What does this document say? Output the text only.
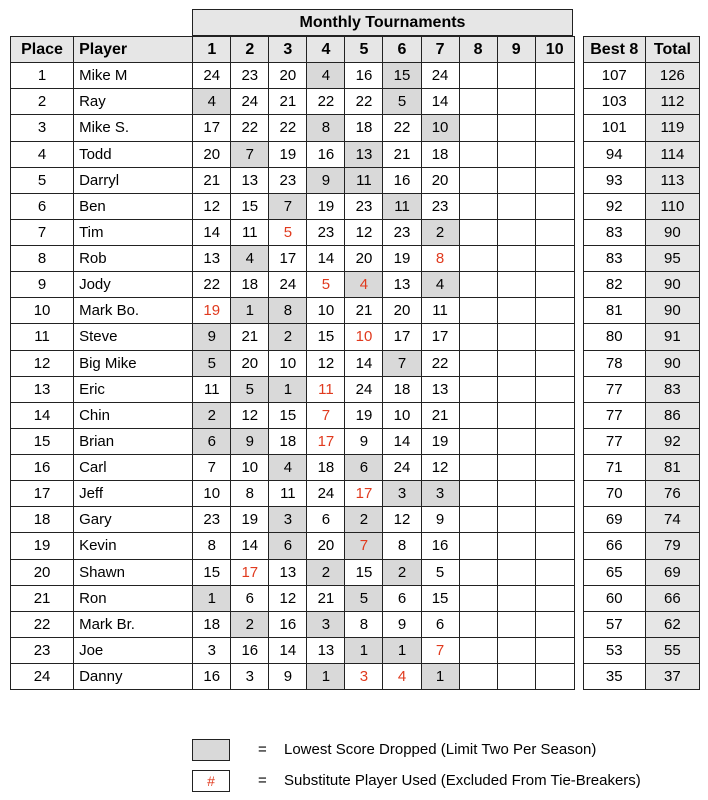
Monthly Tournaments
Place	Player	1	2	3	4	5	6	7	8	9	10		Best 8	Total
1	Mike M	24	23	20	4	16	15	24					107	126
2	Ray	4	24	21	22	22	5	14					103	112
3	Mike S.	17	22	22	8	18	22	10					101	119
4	Todd	20	7	19	16	13	21	18					94	114
5	Darryl	21	13	23	9	11	16	20					93	113
6	Ben	12	15	7	19	23	11	23					92	110
7	Tim	14	11	5	23	12	23	2					83	90
8	Rob	13	4	17	14	20	19	8					83	95
9	Jody	22	18	24	5	4	13	4					82	90
10	Mark Bo.	19	1	8	10	21	20	11					81	90
11	Steve	9	21	2	15	10	17	17					80	91
12	Big Mike	5	20	10	12	14	7	22					78	90
13	Eric	11	5	1	11	24	18	13					77	83
14	Chin	2	12	15	7	19	10	21					77	86
15	Brian	6	9	18	17	9	14	19					77	92
16	Carl	7	10	4	18	6	24	12					71	81
17	Jeff	10	8	11	24	17	3	3					70	76
18	Gary	23	19	3	6	2	12	9					69	74
19	Kevin	8	14	6	20	7	8	16					66	79
20	Shawn	15	17	13	2	15	2	5					65	69
21	Ron	1	6	12	21	5	6	15					60	66
22	Mark Br.	18	2	16	3	8	9	6					57	62
23	Joe	3	16	14	13	1	1	7					53	55
24	Danny	16	3	9	1	3	4	1					35	37
= Lowest Score Dropped (Limit Two Per Season)
#	= Substitute Player Used (Excluded From Tie-Breakers)
